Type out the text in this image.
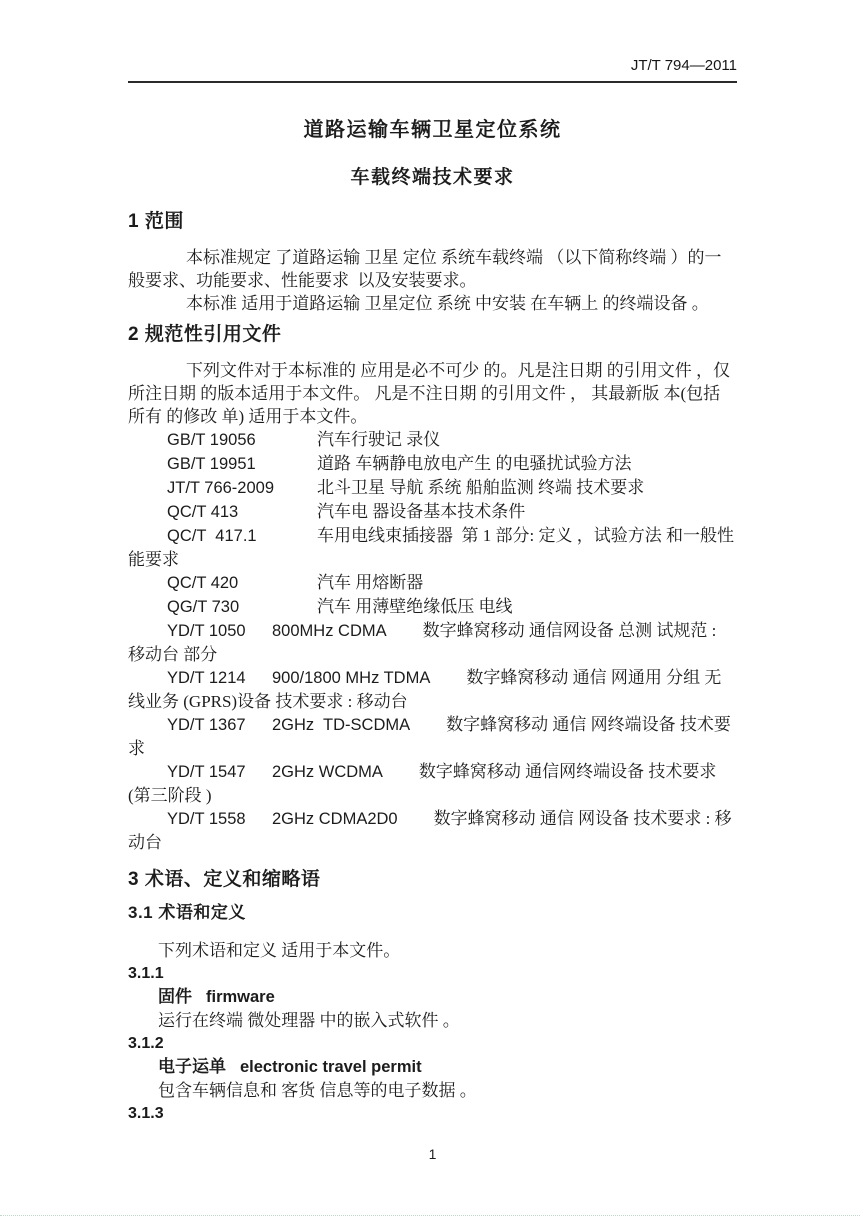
JT/T 794—2011
道路运输车辆卫星定位系统
车载终端技术要求
1 范围

本标准规定 了道路运输 卫星 定位 系统车载终端 （以下简称终端 ）的一般要求、功能要求、性能要求  以及安装要求。

本标准 适用于道路运输 卫星定位 系统 中安装 在车辆上 的终端设备 。

2 规范性引用文件

下列文件对于本标准的 应用是必不可少 的。凡是注日期 的引用文件 ，仅所注日期 的版本适用于本文件。 凡是不注日期 的引用文件 ， 其最新版 本(包括所有 的修改 单) 适用于本文件。

GB/T 19056	汽车行驶记 录仪

GB/T 19951	道路 车辆静电放电产生 的电骚扰试验方法

JT/T 766-2009	北斗卫星 导航 系统 船舶监测 终端 技术要求

QC/T 413	汽车电 器设备基本技术条件

QC/T  417.1	车用电线束插接器  第 1 部分: 定义 ，试验方法 和一般性能要求

QC/T 420	汽车 用熔断器

QG/T 730	汽车 用薄壁绝缘低压 电线

YD/T 1050 800MHz CDMA 数字蜂窝移动 通信网设备 总测 试规范 : 移动台 部分

YD/T 1214 900/1800 MHz TDMA 数字蜂窝移动 通信 网通用 分组 无线业务 (GPRS)设备 技术要求 : 移动台

YD/T 1367 2GHz  TD-SCDMA 数字蜂窝移动 通信 网终端设备 技术要求

YD/T 1547 2GHz WCDMA 数字蜂窝移动 通信网终端设备 技术要求(第三阶段 )

YD/T 1558 2GHz CDMA2D0 数字蜂窝移动 通信 网设备 技术要求 : 移动台

3 术语、定义和缩略语
3.1 术语和定义

下列术语和定义 适用于本文件。

3.1.1

固件 firmware

运行在终端 微处理器 中的嵌入式软件 。

3.1.2

电子运单 electronic travel permit

包含车辆信息和 客货 信息等的电子数据 。

3.1.3

1
